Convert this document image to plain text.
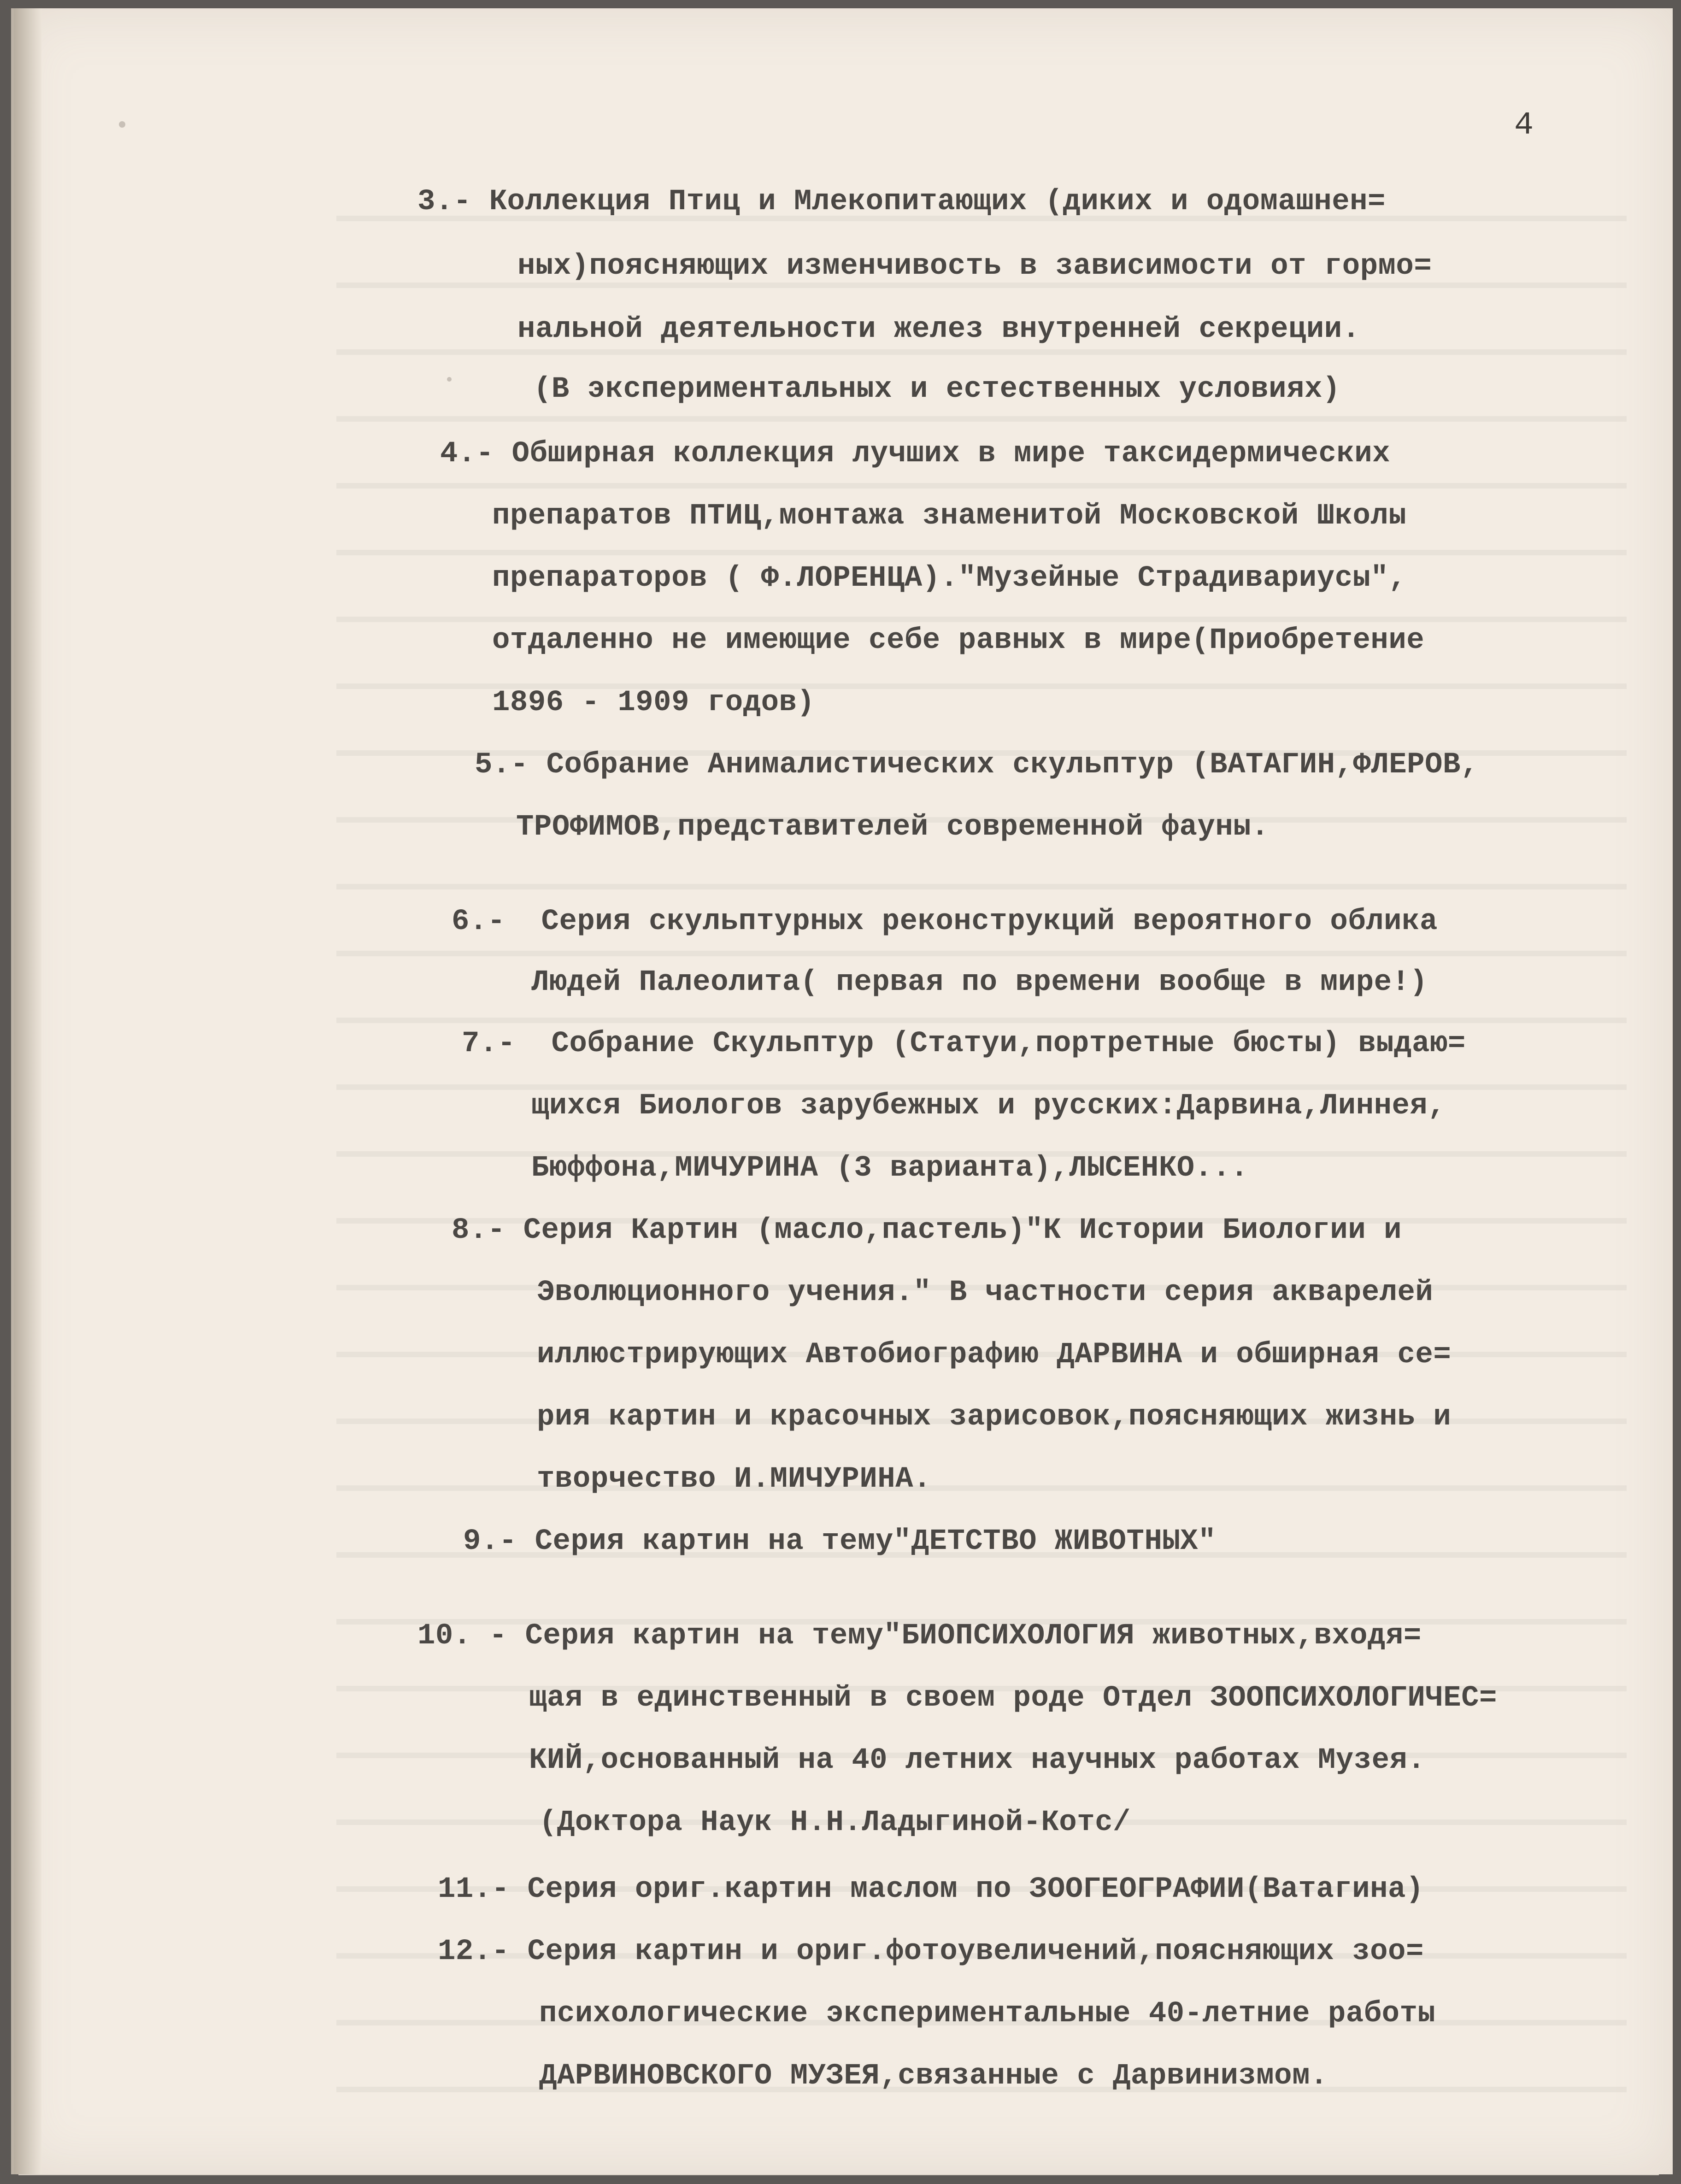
4
3.- Коллекция Птиц и Млекопитающих (диких и одомашнен=
ных)поясняющих изменчивость в зависимости от гормо=
нальной деятельности желез внутренней секреции.
(В экспериментальных и естественных условиях)
4.- Обширная коллекция лучших в мире таксидермических
препаратов ПТИЦ,монтажа знаменитой Московской Школы
препараторов ( Ф.ЛОРЕНЦА)."Музейные Страдивариусы",
отдаленно не имеющие себе равных в мире(Приобретение
1896 - 1909 годов)
5.- Собрание Анималистических скульптур (ВАТАГИН,ФЛЕРОВ,
ТРОФИМОВ,представителей современной фауны.
6.-  Серия скульптурных реконструкций вероятного облика
Людей Палеолита( первая по времени вообще в мире!)
7.-  Собрание Скульптур (Статуи,портретные бюсты) выдаю=
щихся Биологов зарубежных и русских:Дарвина,Линнея,
Бюффона,МИЧУРИНА (3 варианта),ЛЫСЕНКО...
8.- Серия Картин (масло,пастель)"К Истории Биологии и
Эволюционного учения." В частности серия акварелей
иллюстрирующих Автобиографию ДАРВИНА и обширная се=
рия картин и красочных зарисовок,поясняющих жизнь и
творчество И.МИЧУРИНА.
9.- Серия картин на тему"ДЕТСТВО ЖИВОТНЫХ"
10. - Серия картин на тему"БИОПСИХОЛОГИЯ животных,входя=
щая в единственный в своем роде Отдел ЗООПСИХОЛОГИЧЕС=
КИЙ,основанный на 40 летних научных работах Музея.
(Доктора Наук Н.Н.Ладыгиной-Котс/
11.- Серия ориг.картин маслом по ЗООГЕОГРАФИИ(Ватагина)
12.- Серия картин и ориг.фотоувеличений,поясняющих зоо=
психологические экспериментальные 40-летние работы
ДАРВИНОВСКОГО МУЗЕЯ,связанные с Дарвинизмом.
